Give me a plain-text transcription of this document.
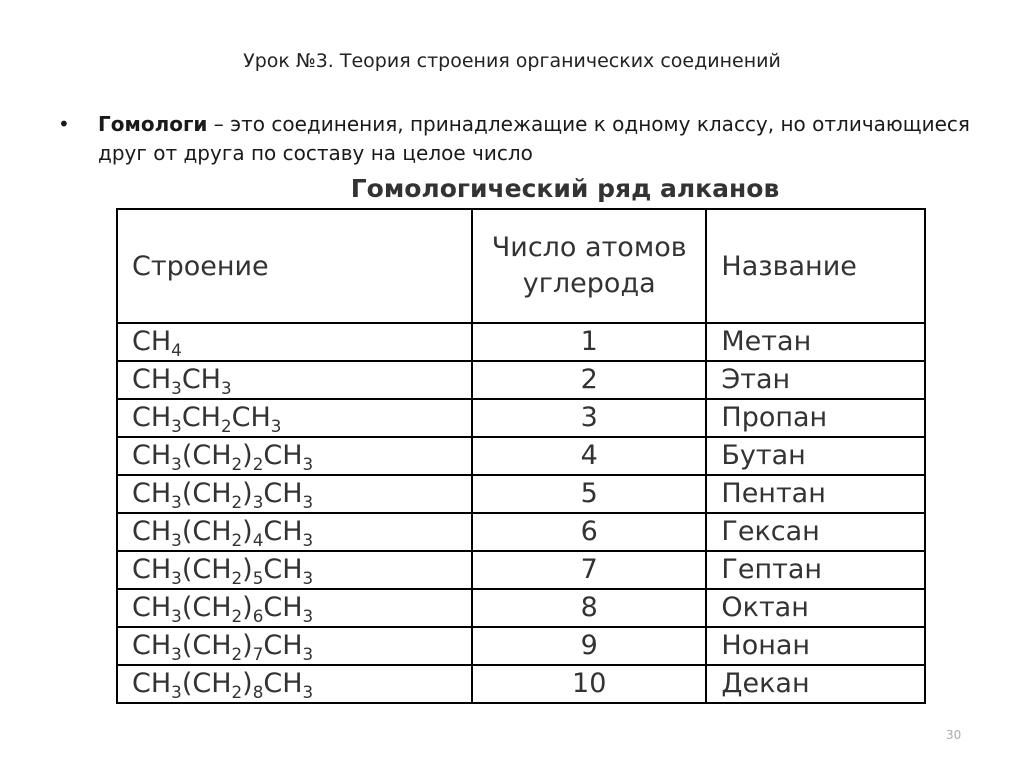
Урок №3. Теория строения органических соединений
• Гомологи – это соединения, принадлежащие к одному классу, но отличающиеся друг от друга по составу на целое число
Гомологический ряд алканов
Строение	Число атомов углерода	Название
$CH_4$	1	Метан
$CH_3CH_3$	2	Этан
$CH_3CH_2CH_3$	3	Пропан
$CH_3(CH_2)_2CH_3$	4	Бутан
$CH_3(CH_2)_3CH_3$	5	Пентан
$CH_3(CH_2)_4CH_3$	6	Гексан
$CH_3(CH_2)_5CH_3$	7	Гептан
$CH_3(CH_2)_6CH_3$	8	Октан
$CH_3(CH_2)_7CH_3$	9	Нонан
$CH_3(CH_2)_8CH_3$	10	Декан
30
